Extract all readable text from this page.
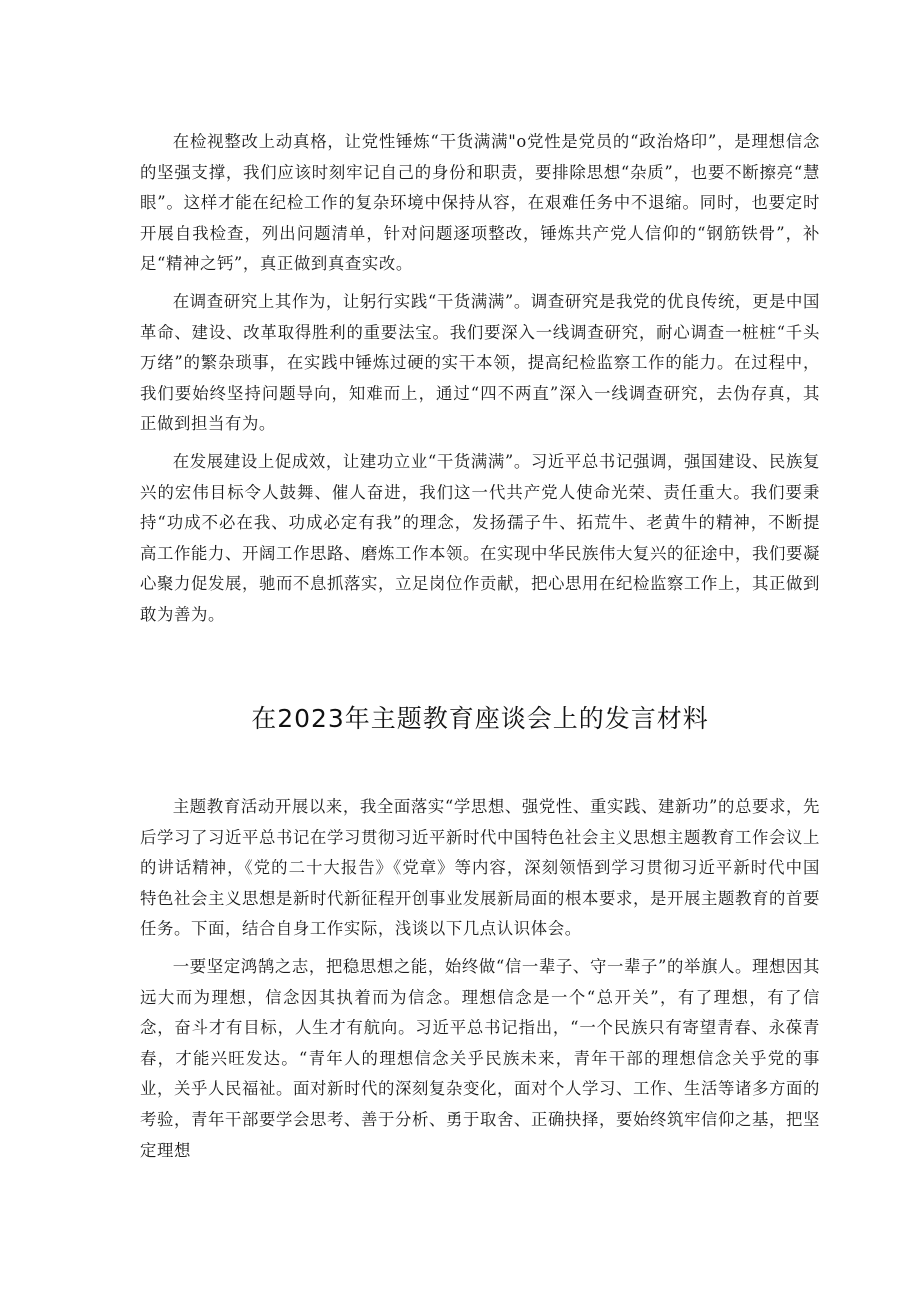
在检视整改上动真格，让党性锤炼“干货满满"o党性是党员的“政治烙印”，是理想信念的坚强支撑，我们应该时刻牢记自己的身份和职责，要排除思想“杂质”，也要不断擦亮“慧眼”。这样才能在纪检工作的复杂环境中保持从容，在艰难任务中不退缩。同时，也要定时开展自我检查，列出问题清单，针对问题逐项整改，锤炼共产党人信仰的“钢筋铁骨”，补足“精神之钙”，真正做到真查实改。

在调查研究上其作为，让躬行实践“干货满满”。调查研究是我党的优良传统，更是中国革命、建设、改革取得胜利的重要法宝。我们要深入一线调查研究，耐心调查一桩桩“千头万绪”的繁杂琐事，在实践中锤炼过硬的实干本领，提高纪检监察工作的能力。在过程中，我们要始终坚持问题导向，知难而上，通过“四不两直”深入一线调查研究，去伪存真，其正做到担当有为。

在发展建设上促成效，让建功立业“干货满满”。习近平总书记强调，强国建设、民族复兴的宏伟目标令人鼓舞、催人奋进，我们这一代共产党人使命光荣、责任重大。我们要秉持“功成不必在我、功成必定有我”的理念，发扬孺子牛、拓荒牛、老黄牛的精神，不断提高工作能力、开阔工作思路、磨炼工作本领。在实现中华民族伟大复兴的征途中，我们要凝心聚力促发展，驰而不息抓落实，立足岗位作贡献，把心思用在纪检监察工作上，其正做到敢为善为。

在2023年主题教育座谈会上的发言材料

主题教育活动开展以来，我全面落实“学思想、强党性、重实践、建新功”的总要求，先后学习了习近平总书记在学习贯彻习近平新时代中国特色社会主义思想主题教育工作会议上的讲话精神，《党的二十大报告》《党章》等内容，深刻领悟到学习贯彻习近平新时代中国特色社会主义思想是新时代新征程开创事业发展新局面的根本要求，是开展主题教育的首要任务。下面，结合自身工作实际，浅谈以下几点认识体会。

一要坚定鸿鹄之志，把稳思想之能，始终做“信一辈子、守一辈子”的举旗人。理想因其远大而为理想，信念因其执着而为信念。理想信念是一个“总开关”，有了理想，有了信念，奋斗才有目标，人生才有航向。习近平总书记指出，“一个民族只有寄望青春、永葆青春，才能兴旺发达。“青年人的理想信念关乎民族未来，青年干部的理想信念关乎党的事业，关乎人民福祉。面对新时代的深刻复杂变化，面对个人学习、工作、生活等诸多方面的考验，青年干部要学会思考、善于分析、勇于取舍、正确抉择，要始终筑牢信仰之基，把坚定理想
